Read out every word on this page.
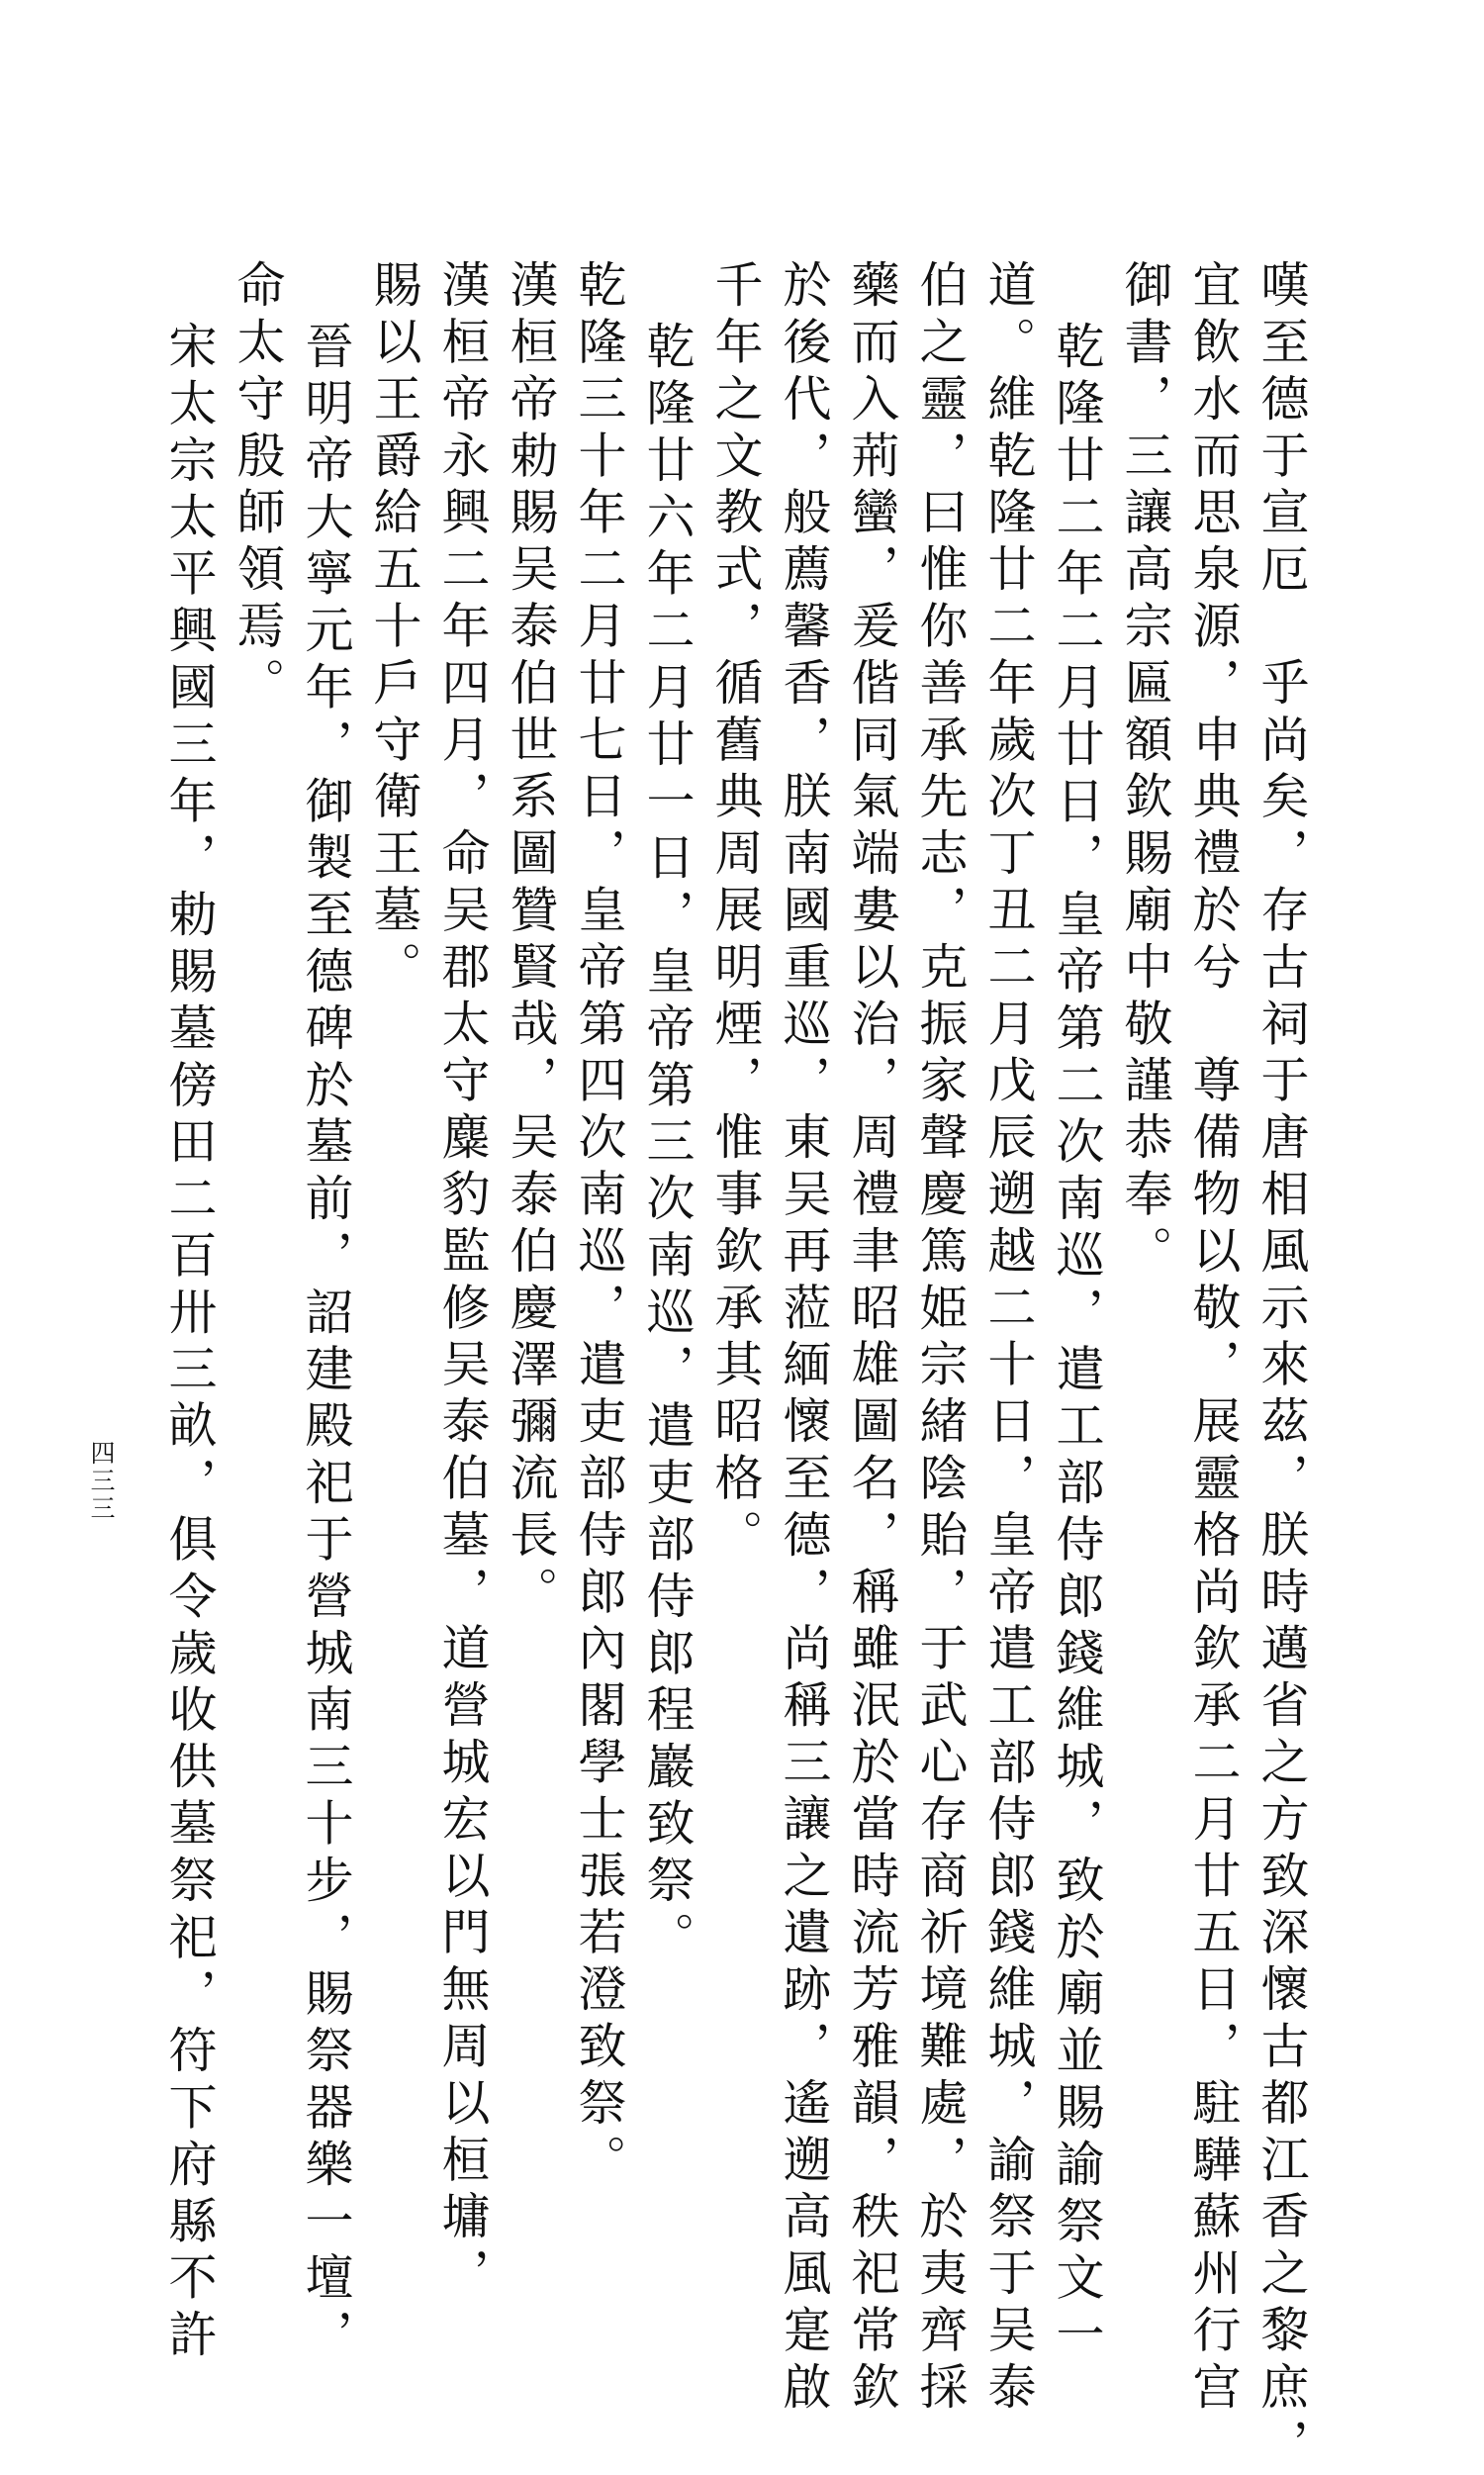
嘆至德于宣厄　乎尚矣，存古祠于唐相風示來茲，朕時邁省之方致深懷古都江香之黎庶，
宜飲水而思泉源，申典禮於兮　尊備物以敬，展靈格尚欽承二月廿五日，駐驊蘇州行宫
御書，三讓高宗匾額欽賜廟中敬謹恭奉。
乾隆廿二年二月廿日，皇帝第二次南巡，遣工部侍郎錢維城，致於廟並賜諭祭文一
道。維乾隆廿二年歲次丁丑二月戊辰遡越二十日，皇帝遣工部侍郎錢維城，諭祭于吴泰
伯之靈，曰惟你善承先志，克振家聲慶篤姫宗緒陰貽，于武心存商祈境難處，於夷齊採
藥而入荊蠻，爰偕同氣端婁以治，周禮聿昭雄圖名，稱雖泯於當時流芳雅韻，秩祀常欽
於後代，般薦馨香，朕南國重巡，東吴再蒞緬懷至德，尚稱三讓之遺跡，遙遡高風寔啟
千年之文教式，循舊典周展明煙，惟事欽承其昭格。
乾隆廿六年二月廿一日，皇帝第三次南巡，遣吏部侍郎程巖致祭。
乾隆三十年二月廿七日，皇帝第四次南巡，遣吏部侍郎內閣學士張若澄致祭。
漢桓帝勅賜吴泰伯世系圖贊賢哉，吴泰伯慶澤彌流長。
漢桓帝永興二年四月，命吴郡太守麋豹監修吴泰伯墓，道營城宏以門無周以桓墉，
賜以王爵給五十戶守衛王墓。
晉明帝大寧元年，御製至德碑於墓前，詔建殿祀于營城南三十步，賜祭器樂一壇，
命太守殷師領焉。
宋太宗太平興國三年，勅賜墓傍田二百卅三畝，俱令歲收供墓祭祀，符下府縣不許
四三三
